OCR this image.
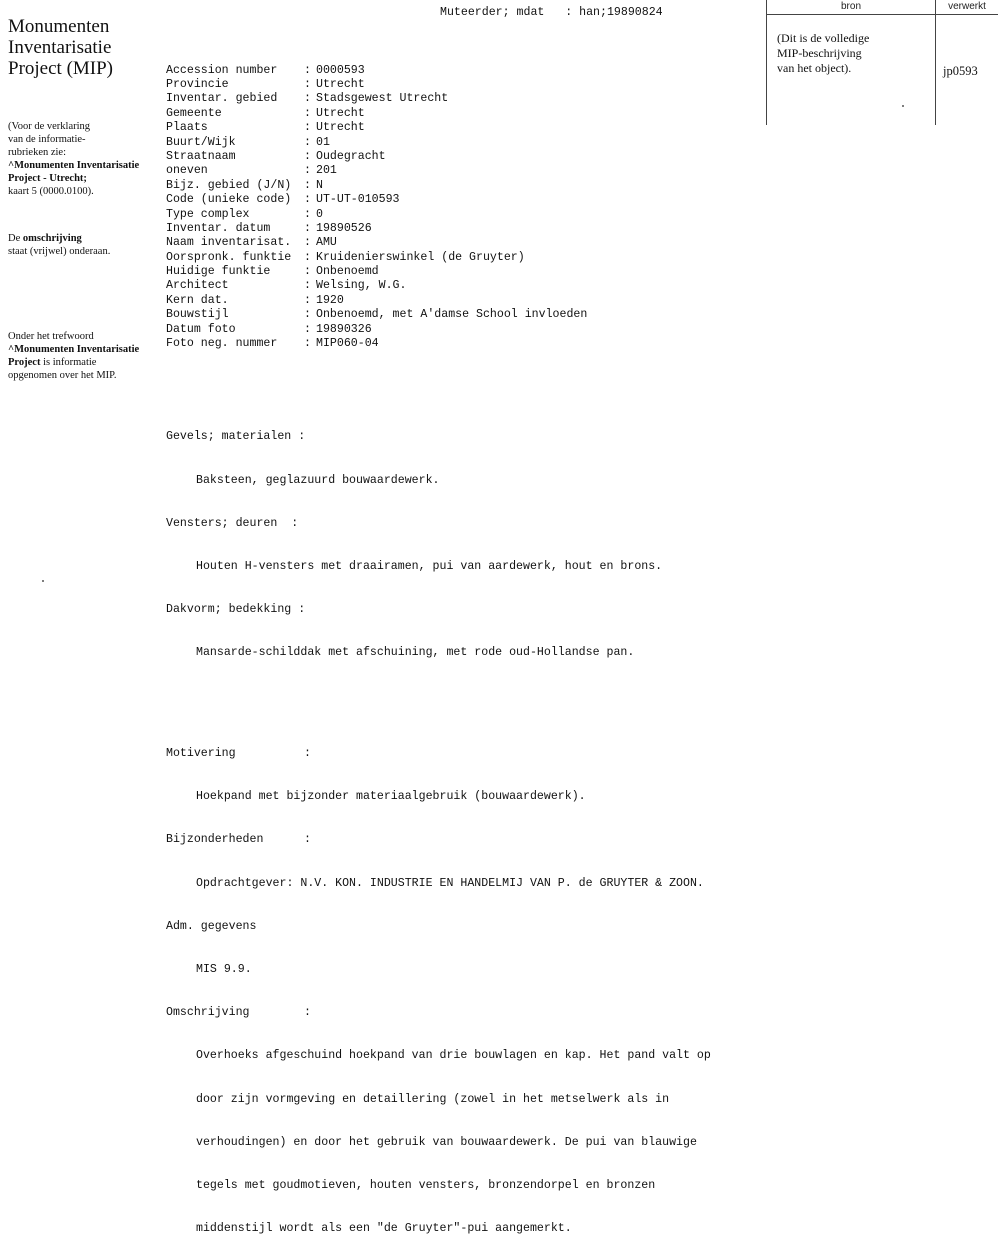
Monumenten
Inventarisatie
Project (MIP)
(Voor de verklaring
van de informatie-
rubrieken zie:
^Monumenten Inventarisatie
Project - Utrecht;
kaart 5 (0000.0100).
De omschrijving
staat (vrijwel) onderaan.
Onder het trefwoord
^Monumenten Inventarisatie
Project is informatie
opgenomen over het MIP.

Muteerder; mdat   : han;19890824

Accession number : 0000593
Provincie	: Utrecht
Inventar. gebied : Stadsgewest Utrecht
Gemeente	: Utrecht
Plaats	: Utrecht
Buurt/Wijk	: 01
Straatnaam	: Oudegracht
oneven	: 201
Bijz. gebied (J/N) : N
Code (unieke code) : UT-UT-010593
Type complex	: 0
Inventar. datum	: 19890526
Naam inventarisat. : AMU
Oorspronk. funktie : Kruidenierswinkel (de Gruyter)
Huidige funktie	: Onbenoemd
Architect	: Welsing, W.G.
Kern dat.	: 1920
Bouwstijl	: Onbenoemd, met A'damse School invloeden
Datum foto	: 19890326
Foto neg. nummer : MIP060-04

Gevels; materialen :

Baksteen, geglazuurd bouwaardewerk.

Vensters; deuren  :

Houten H-vensters met draairamen, pui van aardewerk, hout en brons.

Dakvorm; bedekking :

Mansarde-schilddak met afschuining, met rode oud-Hollandse pan.

Motivering	:

Hoekpand met bijzonder materiaalgebruik (bouwaardewerk).

Bijzonderheden	:

Opdrachtgever: N.V. KON. INDUSTRIE EN HANDELMIJ VAN P. de GRUYTER & ZOON.

Adm. gegevens

MIS 9.9.

Omschrijving	:

Overhoeks afgeschuind hoekpand van drie bouwlagen en kap. Het pand valt op

door zijn vormgeving en detaillering (zowel in het metselwerk als in

verhoudingen) en door het gebruik van bouwaardewerk. De pui van blauwige

tegels met goudmotieven, houten vensters, bronzendorpel en bronzen

middenstijl wordt als een "de Gruyter"-pui aangemerkt.

bron	verwerkt
(Dit is de volledige
MIP-beschrijving
van het object).	jp0593
